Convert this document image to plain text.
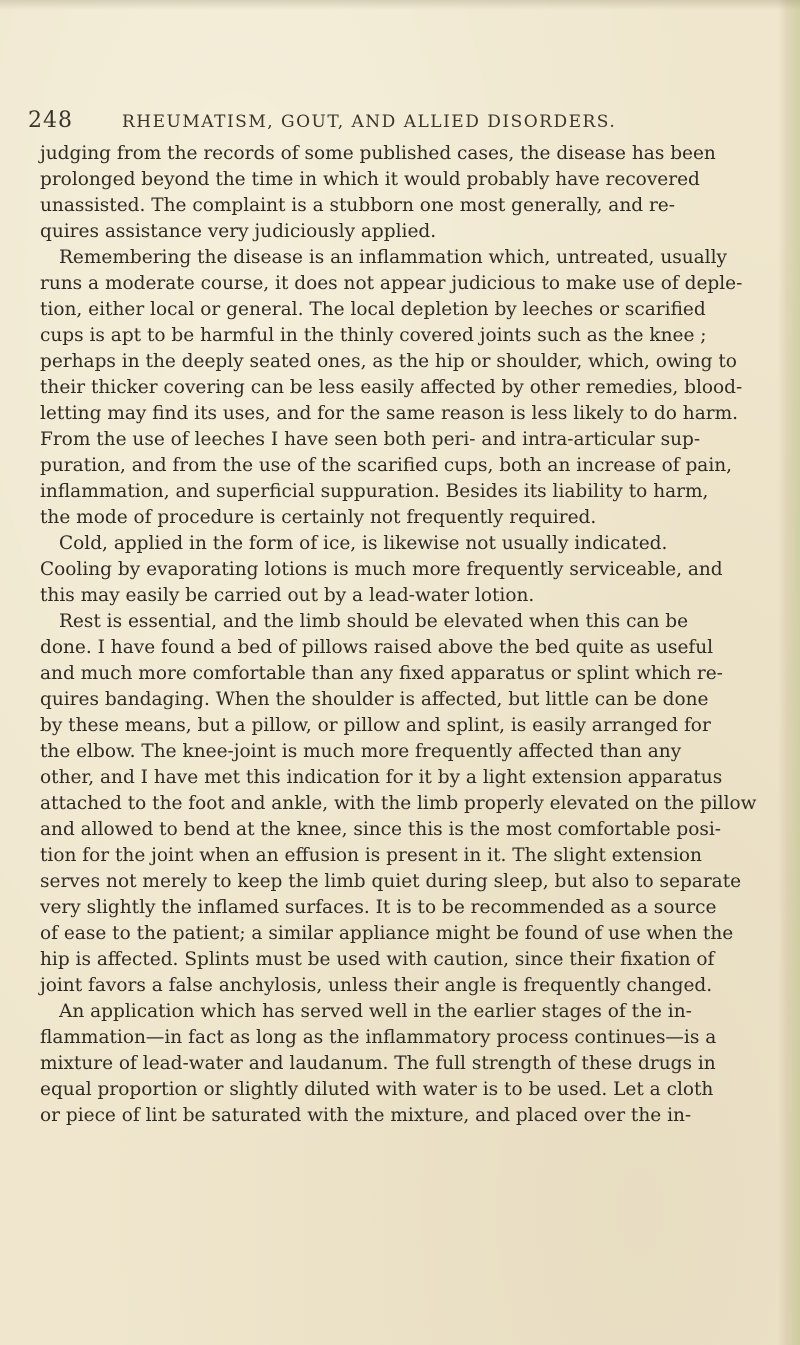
248	RHEUMATISM, GOUT, AND ALLIED DISORDERS.
judging from the records of some published cases, the disease has been
prolonged beyond the time in which it would probably have recovered
unassisted. The complaint is a stubborn one most generally, and re-
quires assistance very judiciously applied.
Remembering the disease is an inflammation which, untreated, usually
runs a moderate course, it does not appear judicious to make use of deple-
tion, either local or general. The local depletion by leeches or scarified
cups is apt to be harmful in the thinly covered joints such as the knee ;
perhaps in the deeply seated ones, as the hip or shoulder, which, owing to
their thicker covering can be less easily affected by other remedies, blood-
letting may find its uses, and for the same reason is less likely to do harm.
From the use of leeches I have seen both peri- and intra-articular sup-
puration, and from the use of the scarified cups, both an increase of pain,
inflammation, and superficial suppuration. Besides its liability to harm,
the mode of procedure is certainly not frequently required.
Cold, applied in the form of ice, is likewise not usually indicated.
Cooling by evaporating lotions is much more frequently serviceable, and
this may easily be carried out by a lead-water lotion.
Rest is essential, and the limb should be elevated when this can be
done. I have found a bed of pillows raised above the bed quite as useful
and much more comfortable than any fixed apparatus or splint which re-
quires bandaging. When the shoulder is affected, but little can be done
by these means, but a pillow, or pillow and splint, is easily arranged for
the elbow. The knee-joint is much more frequently affected than any
other, and I have met this indication for it by a light extension apparatus
attached to the foot and ankle, with the limb properly elevated on the pillow
and allowed to bend at the knee, since this is the most comfortable posi-
tion for the joint when an effusion is present in it. The slight extension
serves not merely to keep the limb quiet during sleep, but also to separate
very slightly the inflamed surfaces. It is to be recommended as a source
of ease to the patient; a similar appliance might be found of use when the
hip is affected. Splints must be used with caution, since their fixation of
joint favors a false anchylosis, unless their angle is frequently changed.
An application which has served well in the earlier stages of the in-
flammation—in fact as long as the inflammatory process continues—is a
mixture of lead-water and laudanum. The full strength of these drugs in
equal proportion or slightly diluted with water is to be used. Let a cloth
or piece of lint be saturated with the mixture, and placed over the in-
